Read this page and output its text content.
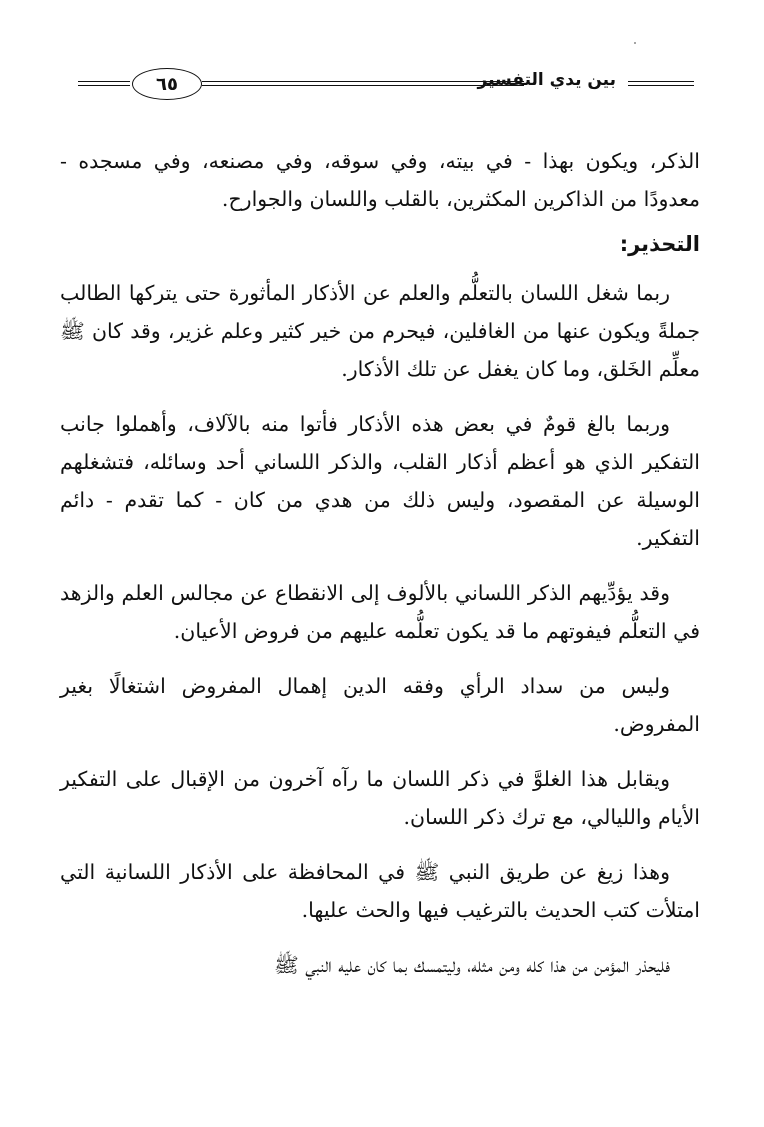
٦٥	بين يدي التفسير

الذكر، ويكون بهذا - في بيته، وفي سوقه، وفي مصنعه، وفي مسجده - معدودًا من الذاكرين المكثرين، بالقلب واللسان والجوارح.

التحذير:

ربما شغل اللسان بالتعلُّم والعلم عن الأذكار المأثورة حتى يتركها الطالب جملةً ويكون عنها من الغافلين، فيحرم من خير كثير وعلم غزير، وقد كان ﷺ معلِّم الخَلق، وما كان يغفل عن تلك الأذكار.

وربما بالغ قومٌ في بعض هذه الأذكار فأتوا منه بالآلاف، وأهملوا جانب التفكير الذي هو أعظم أذكار القلب، والذكر اللساني أحد وسائله، فتشغلهم الوسيلة عن المقصود، وليس ذلك من هدي من كان - كما تقدم - دائم التفكير.

وقد يؤدِّيهم الذكر اللساني بالألوف إلى الانقطاع عن مجالس العلم والزهد في التعلُّم فيفوتهم ما قد يكون تعلُّمه عليهم من فروض الأعيان.

وليس من سداد الرأي وفقه الدين إهمال المفروض اشتغالًا بغير المفروض.

ويقابل هذا الغلوَّ في ذكر اللسان ما رآه آخرون من الإقبال على التفكير الأيام والليالي، مع ترك ذكر اللسان.

وهذا زيغ عن طريق النبي ﷺ في المحافظة على الأذكار اللسانية التي امتلأت كتب الحديث بالترغيب فيها والحث عليها.

فليحذر المؤمن من هذا كله ومن مثله، وليتمسك بما كان عليه النبي ﷺ
